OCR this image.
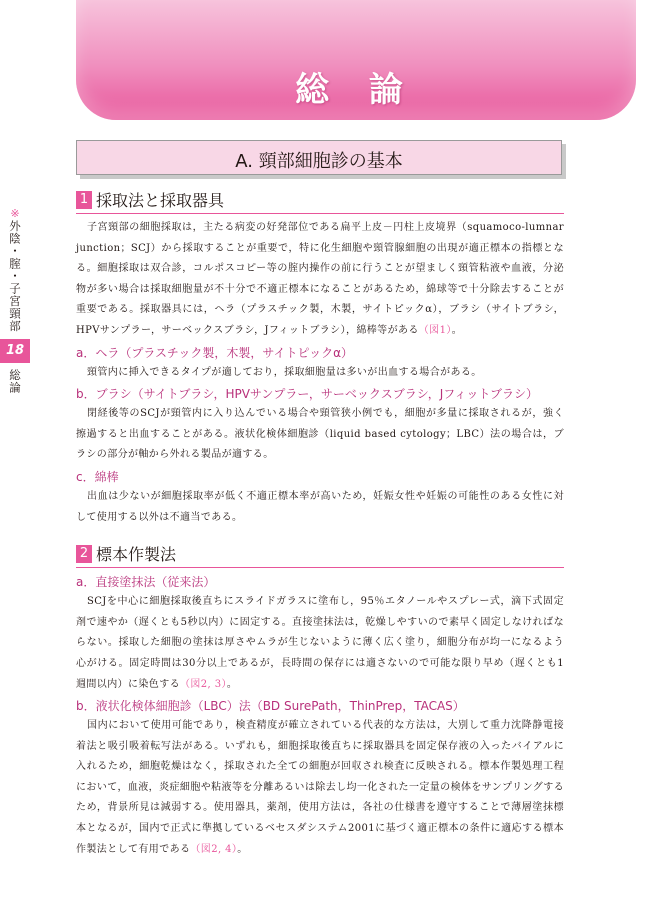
総 論
A. 頸部細胞診の基本
※
外陰・腟・子宮頸部
18
総論
1 採取法と採取器具
子宮頸部の細胞採取は，主たる病変の好発部位である扁平上皮－円柱上皮境界（squamoco-lumnar junction；SCJ）から採取することが重要で，特に化生細胞や頸管腺細胞の出現が適正標本の指標となる。細胞採取は双合診，コルポスコピー等の腟内操作の前に行うことが望ましく頸管粘液や血液，分泌物が多い場合は採取細胞量が不十分で不適正標本になることがあるため，綿球等で十分除去することが重要である。採取器具には，ヘラ（プラスチック製，木製，サイトピックα），ブラシ（サイトブラシ，HPVサンプラー，サーベックスブラシ，Jフィットブラシ），綿棒等がある（図1）。
a．ヘラ（プラスチック製，木製，サイトピックα）
頸管内に挿入できるタイプが適しており，採取細胞量は多いが出血する場合がある。
b．ブラシ（サイトブラシ，HPVサンプラー，サーベックスブラシ，Jフィットブラシ）
閉経後等のSCJが頸管内に入り込んでいる場合や頸管狭小例でも，細胞が多量に採取されるが，強く擦過すると出血することがある。液状化検体細胞診（liquid based cytology；LBC）法の場合は，ブラシの部分が軸から外れる製品が適する。
c．綿棒
出血は少ないが細胞採取率が低く不適正標本率が高いため，妊娠女性や妊娠の可能性のある女性に対して使用する以外は不適当である。
2 標本作製法
a．直接塗抹法（従来法）
SCJを中心に細胞採取後直ちにスライドガラスに塗布し，95％エタノールやスプレー式，滴下式固定剤で速やか（遅くとも5秒以内）に固定する。直接塗抹法は，乾燥しやすいので素早く固定しなければならない。採取した細胞の塗抹は厚さやムラが生じないように薄く広く塗り，細胞分布が均一になるよう心がける。固定時間は30分以上であるが，長時間の保存には適さないので可能な限り早め（遅くとも1週間以内）に染色する（図2, 3）。
b．液状化検体細胞診（LBC）法（BD SurePath，ThinPrep，TACAS）
国内において使用可能であり，検査精度が確立されている代表的な方法は，大別して重力沈降静電接着法と吸引吸着転写法がある。いずれも，細胞採取後直ちに採取器具を固定保存液の入ったバイアルに入れるため，細胞乾燥はなく，採取された全ての細胞が回収され検査に反映される。標本作製処理工程において，血液，炎症細胞や粘液等を分離あるいは除去し均一化された一定量の検体をサンプリングするため，背景所見は減弱する。使用器具，薬剤，使用方法は，各社の仕様書を遵守することで薄層塗抹標本となるが，国内で正式に準拠しているベセスダシステム2001に基づく適正標本の条件に適応する標本作製法として有用である（図2, 4）。
